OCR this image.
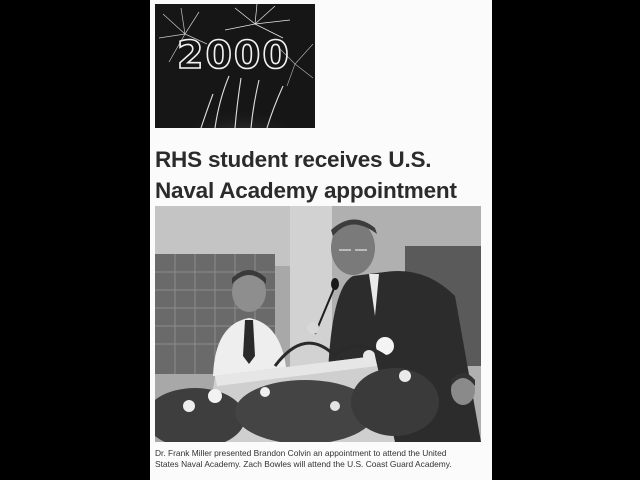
2000
RHS student receives U.S.
Naval Academy appointment
Dr. Frank Miller presented Brandon Colvin an appointment to attend the United
States Naval Academy. Zach Bowles will attend the U.S. Coast Guard Academy.
